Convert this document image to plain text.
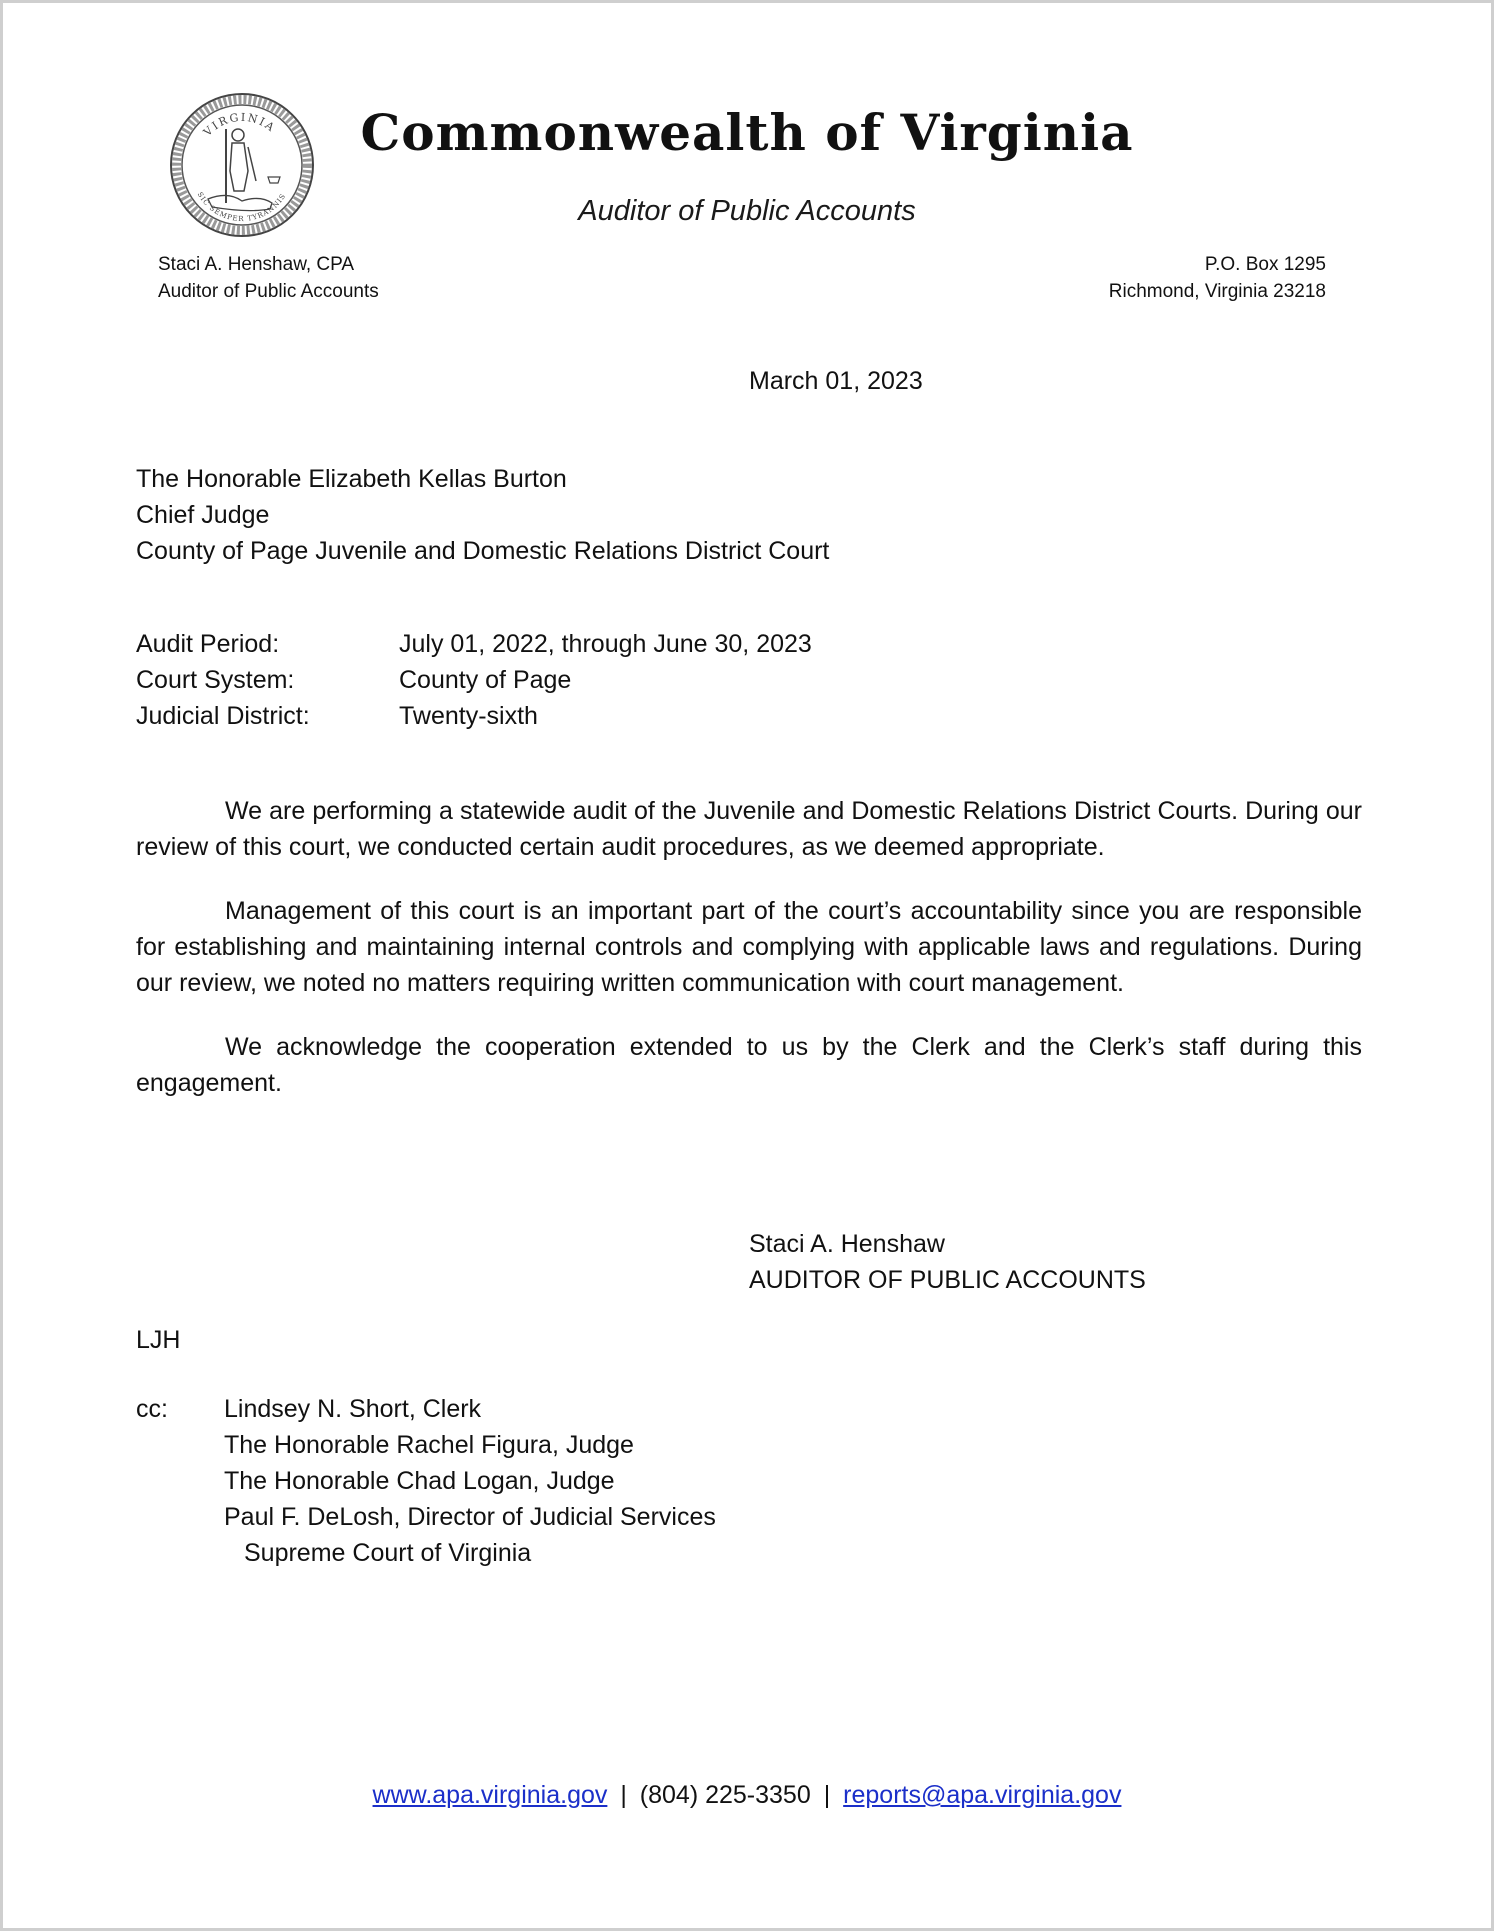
VIRGINIA
SIC SEMPER TYRANNIS
Commonwealth of Virginia
Auditor of Public Accounts
Staci A. Henshaw, CPA
Auditor of Public Accounts
P.O. Box 1295
Richmond, Virginia 23218
March 01, 2023
The Honorable Elizabeth Kellas Burton
Chief Judge
County of Page Juvenile and Domestic Relations District Court
Audit Period:	July 01, 2022, through June 30, 2023
Court System:	County of Page
Judicial District:	Twenty-sixth

We are performing a statewide audit of the Juvenile and Domestic Relations District Courts. During our review of this court, we conducted certain audit procedures, as we deemed appropriate.

Management of this court is an important part of the court’s accountability since you are responsible for establishing and maintaining internal controls and complying with applicable laws and regulations. During our review, we noted no matters requiring written communication with court management.

We acknowledge the cooperation extended to us by the Clerk and the Clerk’s staff during this engagement.

Staci A. Henshaw
AUDITOR OF PUBLIC ACCOUNTS
LJH
cc:	Lindsey N. Short, Clerk
The Honorable Rachel Figura, Judge
The Honorable Chad Logan, Judge
Paul F. DeLosh, Director of Judicial Services
Supreme Court of Virginia
www.apa.virginia.gov | (804) 225-3350 | reports@apa.virginia.gov
